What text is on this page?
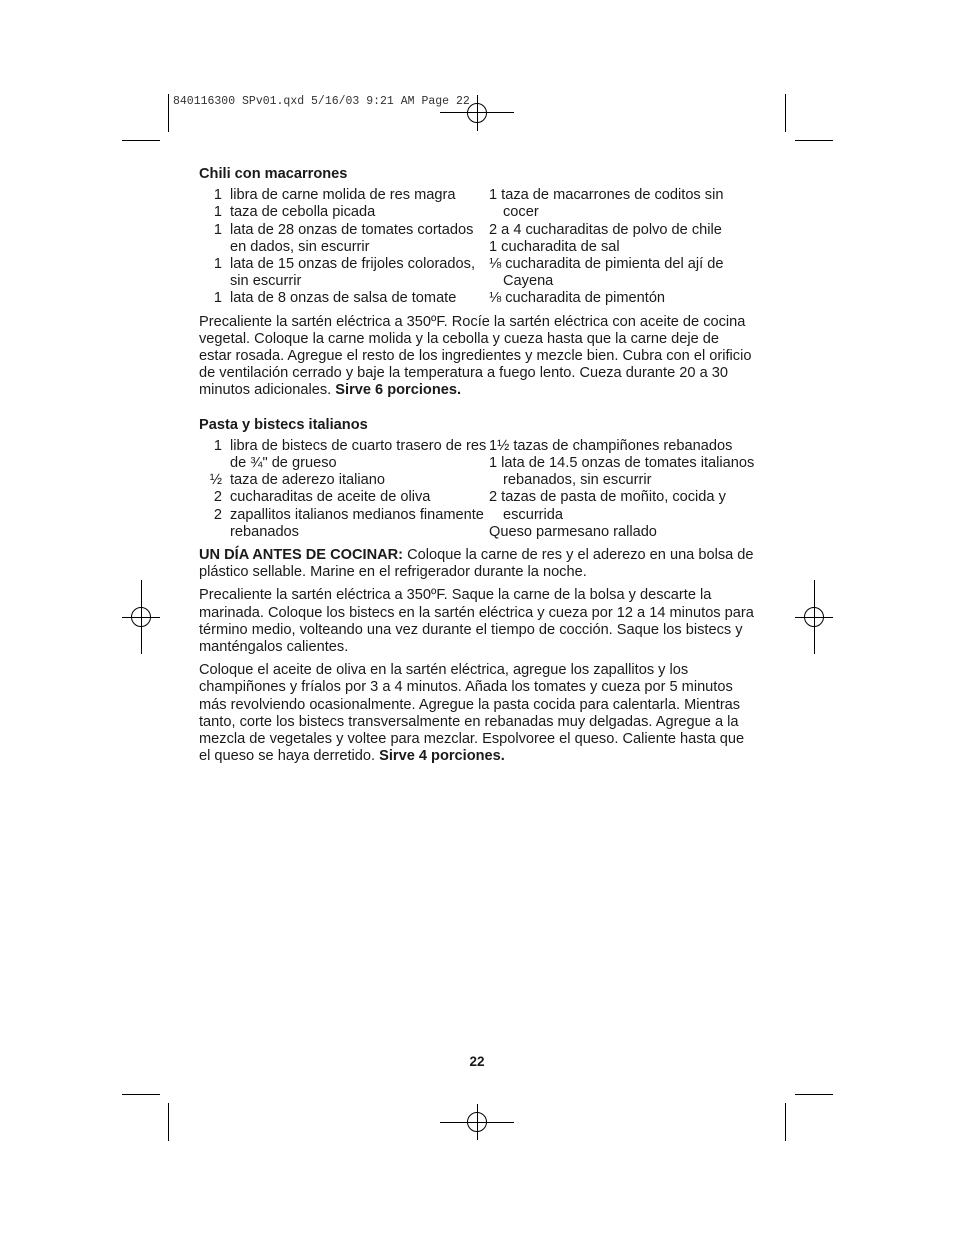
840116300 SPv01.qxd 5/16/03 9:21 AM Page 22
Chili con macarrones
1 libra de carne molida de res magra
1 taza de cebolla picada
1 lata de 28 onzas de tomates cortados en dados, sin escurrir
1 lata de 15 onzas de frijoles colorados, sin escurrir
1 lata de 8 onzas de salsa de tomate
1 taza de macarrones de coditos sin cocer
2 a 4 cucharaditas de polvo de chile
1 cucharadita de sal
⅛ cucharadita de pimienta del ají de Cayena
⅛ cucharadita de pimentón

Precaliente la sartén eléctrica a 350ºF. Rocíe la sartén eléctrica con aceite de cocina vegetal. Coloque la carne molida y la cebolla y cueza hasta que la carne deje de estar rosada. Agregue el resto de los ingredientes y mezcle bien. Cubra con el orificio de ventilación cerrado y baje la temperatura a fuego lento. Cueza durante 20 a 30 minutos adicionales. Sirve 6 porciones.

Pasta y bistecs italianos
1 libra de bistecs de cuarto trasero de res de ¾" de grueso
½ taza de aderezo italiano
2 cucharaditas de aceite de oliva
2 zapallitos italianos medianos finamente rebanados
1½ tazas de champiñones rebanados
1 lata de 14.5 onzas de tomates italianos rebanados, sin escurrir
2 tazas de pasta de moñito, cocida y escurrida
Queso parmesano rallado

UN DÍA ANTES DE COCINAR: Coloque la carne de res y el aderezo en una bolsa de plástico sellable. Marine en el refrigerador durante la noche.

Precaliente la sartén eléctrica a 350ºF. Saque la carne de la bolsa y descarte la marinada. Coloque los bistecs en la sartén eléctrica y cueza por 12 a 14 minutos para término medio, volteando una vez durante el tiempo de cocción. Saque los bistecs y manténgalos calientes.

Coloque el aceite de oliva en la sartén eléctrica, agregue los zapallitos y los champiñones y fríalos por 3 a 4 minutos. Añada los tomates y cueza por 5 minutos más revolviendo ocasionalmente. Agregue la pasta cocida para calentarla. Mientras tanto, corte los bistecs transversalmente en rebanadas muy delgadas. Agregue a la mezcla de vegetales y voltee para mezclar. Espolvoree el queso. Caliente hasta que el queso se haya derretido. Sirve 4 porciones.

22
